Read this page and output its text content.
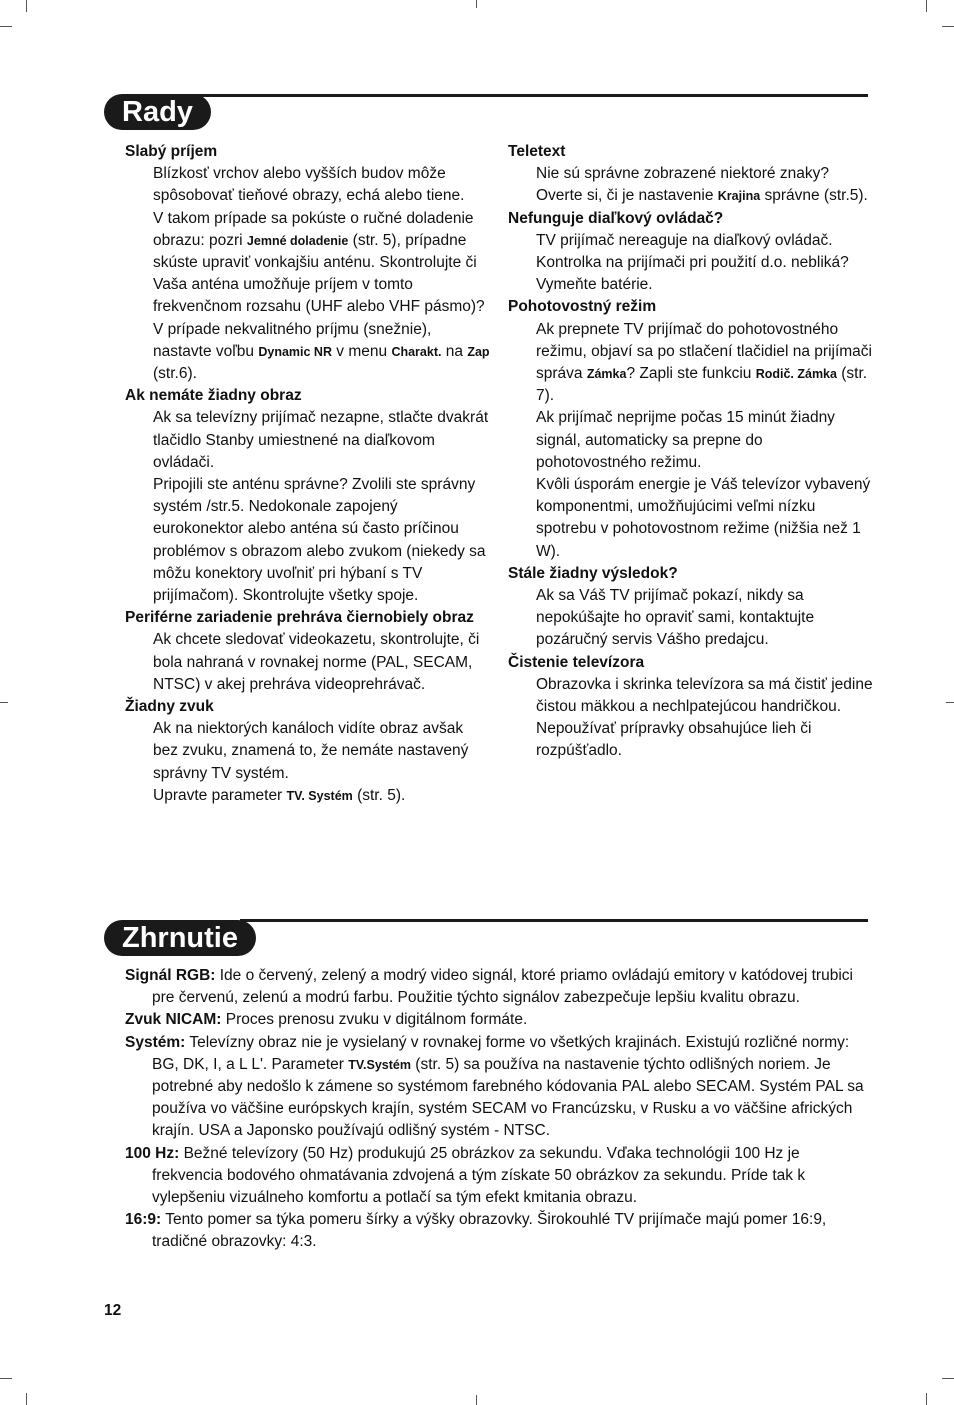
Rady
Slabý príjem
Blízkosť vrchov alebo vyšších budov môže spôsobovať tieňové obrazy, echá alebo tiene.
V takom prípade sa pokúste o ručné doladenie obrazu: pozri Jemné doladenie (str. 5), prípadne skúste upraviť vonkajšiu anténu. Skontrolujte či Vaša anténa umožňuje príjem v tomto frekvenčnom rozsahu (UHF alebo VHF pásmo)?
V prípade nekvalitného príjmu (snežnie), nastavte voľbu Dynamic NR v menu Charakt. na Zap (str.6).
Ak nemáte žiadny obraz
Ak sa televízny prijímač nezapne, stlačte dvakrát tlačidlo Stanby umiestnené na diaľkovom ovládači.
Pripojili ste anténu správne? Zvolili ste správny systém /str.5. Nedokonale zapojený eurokonektor alebo anténa sú často príčinou problémov s obrazom alebo zvukom (niekedy sa môžu konektory uvoľniť pri hýbaní s TV prijímačom). Skontrolujte všetky spoje.
Periférne zariadenie prehráva čiernobiely obraz
Ak chcete sledovať videokazetu, skontrolujte, či bola nahraná v rovnakej norme (PAL, SECAM, NTSC) v akej prehráva videoprehrávač.
Žiadny zvuk
Ak na niektorých kanáloch vidíte obraz avšak bez zvuku, znamená to, že nemáte nastavený správny TV systém.
Upravte parameter TV. Systém (str. 5).
Teletext
Nie sú správne zobrazené niektoré znaky? Overte si, či je nastavenie Krajina správne (str.5).
Nefunguje diaľkový ovládač?
TV prijímač nereaguje na diaľkový ovládač. Kontrolka na prijímači pri použití d.o. nebliká? Vymeňte batérie.
Pohotovostný režim
Ak prepnete TV prijímač do pohotovostného režimu, objaví sa po stlačení tlačidiel na prijímači správa Zámka? Zapli ste funkciu Rodič. Zámka (str. 7).
Ak prijímač neprijme počas 15 minút žiadny signál, automaticky sa prepne do pohotovostného režimu.
Kvôli úsporám energie je Váš televízor vybavený komponentmi, umožňujúcimi veľmi nízku spotrebu v pohotovostnom režime (nižšia než 1 W).
Stále žiadny výsledok?
Ak sa Váš TV prijímač pokazí, nikdy sa nepokúšajte ho opraviť sami, kontaktujte pozáručný servis Vášho predajcu.
Čistenie televízora
Obrazovka i skrinka televízora sa má čistiť jedine čistou mäkkou a nechlpatejúcou handričkou.
Nepoužívať prípravky obsahujúce lieh či rozpúšťadlo.
Zhrnutie
Signál RGB: Ide o červený, zelený a modrý video signál, ktoré priamo ovládajú emitory v katódovej trubici pre červenú, zelenú a modrú farbu. Použitie týchto signálov zabezpečuje lepšiu kvalitu obrazu.
Zvuk NICAM: Proces prenosu zvuku v digitálnom formáte.
Systém: Televízny obraz nie je vysielaný v rovnakej forme vo všetkých krajinách. Existujú rozličné normy: BG, DK, I, a L L'. Parameter TV.Systém (str. 5) sa používa na nastavenie týchto odlišných noriem. Je potrebné aby nedošlo k zámene so systémom farebného kódovania PAL alebo SECAM. Systém PAL sa používa vo väčšine európskych krajín, systém SECAM vo Francúzsku, v Rusku a vo väčšine afrických krajín. USA a Japonsko používajú odlišný systém - NTSC.
100 Hz: Bežné televízory (50 Hz) produkujú 25 obrázkov za sekundu. Vďaka technológii 100 Hz je frekvencia bodového ohmatávania zdvojená a tým získate 50 obrázkov za sekundu. Príde tak k vylepšeniu vizuálneho komfortu a potlačí sa tým efekt kmitania obrazu.
16:9: Tento pomer sa týka pomeru šírky a výšky obrazovky. Širokouhlé TV prijímače majú pomer 16:9, tradičné obrazovky: 4:3.
12
